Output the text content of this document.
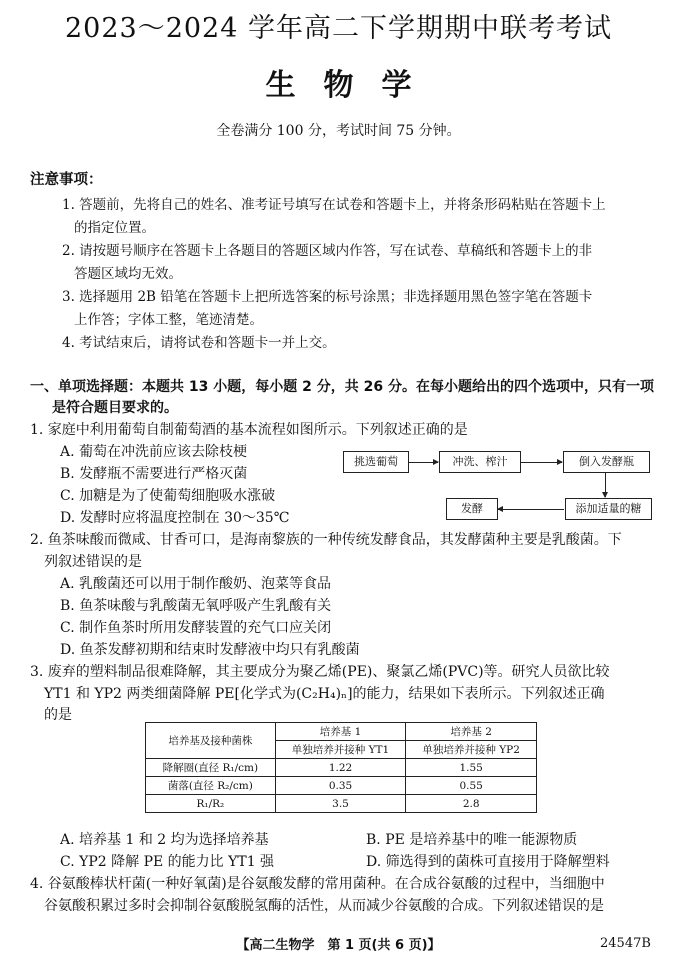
2023～2024 学年高二下学期期中联考考试
生物学
全卷满分 100 分，考试时间 75 分钟。
注意事项：
1. 答题前，先将自己的姓名、准考证号填写在试卷和答题卡上，并将条形码粘贴在答题卡上
的指定位置。
2. 请按题号顺序在答题卡上各题目的答题区域内作答，写在试卷、草稿纸和答题卡上的非
答题区域均无效。
3. 选择题用 2B 铅笔在答题卡上把所选答案的标号涂黑；非选择题用黑色签字笔在答题卡
上作答；字体工整，笔迹清楚。
4. 考试结束后，请将试卷和答题卡一并上交。
一、单项选择题：本题共 13 小题，每小题 2 分，共 26 分。在每小题给出的四个选项中，只有一项
是符合题目要求的。
1. 家庭中利用葡萄自制葡萄酒的基本流程如图所示。下列叙述正确的是
A. 葡萄在冲洗前应该去除枝梗
B. 发酵瓶不需要进行严格灭菌
C. 加糖是为了使葡萄细胞吸水涨破
D. 发酵时应将温度控制在 30～35℃
挑选葡萄	冲洗、榨汁	倒入发酵瓶
添加适量的糖
发酵
2. 鱼茶味酸而微咸、甘香可口，是海南黎族的一种传统发酵食品，其发酵菌种主要是乳酸菌。下
列叙述错误的是
A. 乳酸菌还可以用于制作酸奶、泡菜等食品
B. 鱼茶味酸与乳酸菌无氧呼吸产生乳酸有关
C. 制作鱼茶时所用发酵装置的充气口应关闭
D. 鱼茶发酵初期和结束时发酵液中均只有乳酸菌
3. 废弃的塑料制品很难降解，其主要成分为聚乙烯(PE)、聚氯乙烯(PVC)等。研究人员欲比较
YT1 和 YP2 两类细菌降解 PE[化学式为(C₂H₄)ₙ]的能力，结果如下表所示。下列叙述正确
的是
培养基及接种菌株	培养基 1	培养基 2
	单独培养并接种 YT1	单独培养并接种 YP2
降解圈(直径 R₁/cm)	1.22	1.55
菌落(直径 R₂/cm)	0.35	0.55
R₁/R₂	3.5	2.8
A. 培养基 1 和 2 均为选择培养基	B. PE 是培养基中的唯一能源物质
C. YP2 降解 PE 的能力比 YT1 强	D. 筛选得到的菌株可直接用于降解塑料
4. 谷氨酸棒状杆菌(一种好氧菌)是谷氨酸发酵的常用菌种。在合成谷氨酸的过程中，当细胞中
谷氨酸积累过多时会抑制谷氨酸脱氢酶的活性，从而减少谷氨酸的合成。下列叙述错误的是
【高二生物学　第 1 页(共 6 页)】	24547B
